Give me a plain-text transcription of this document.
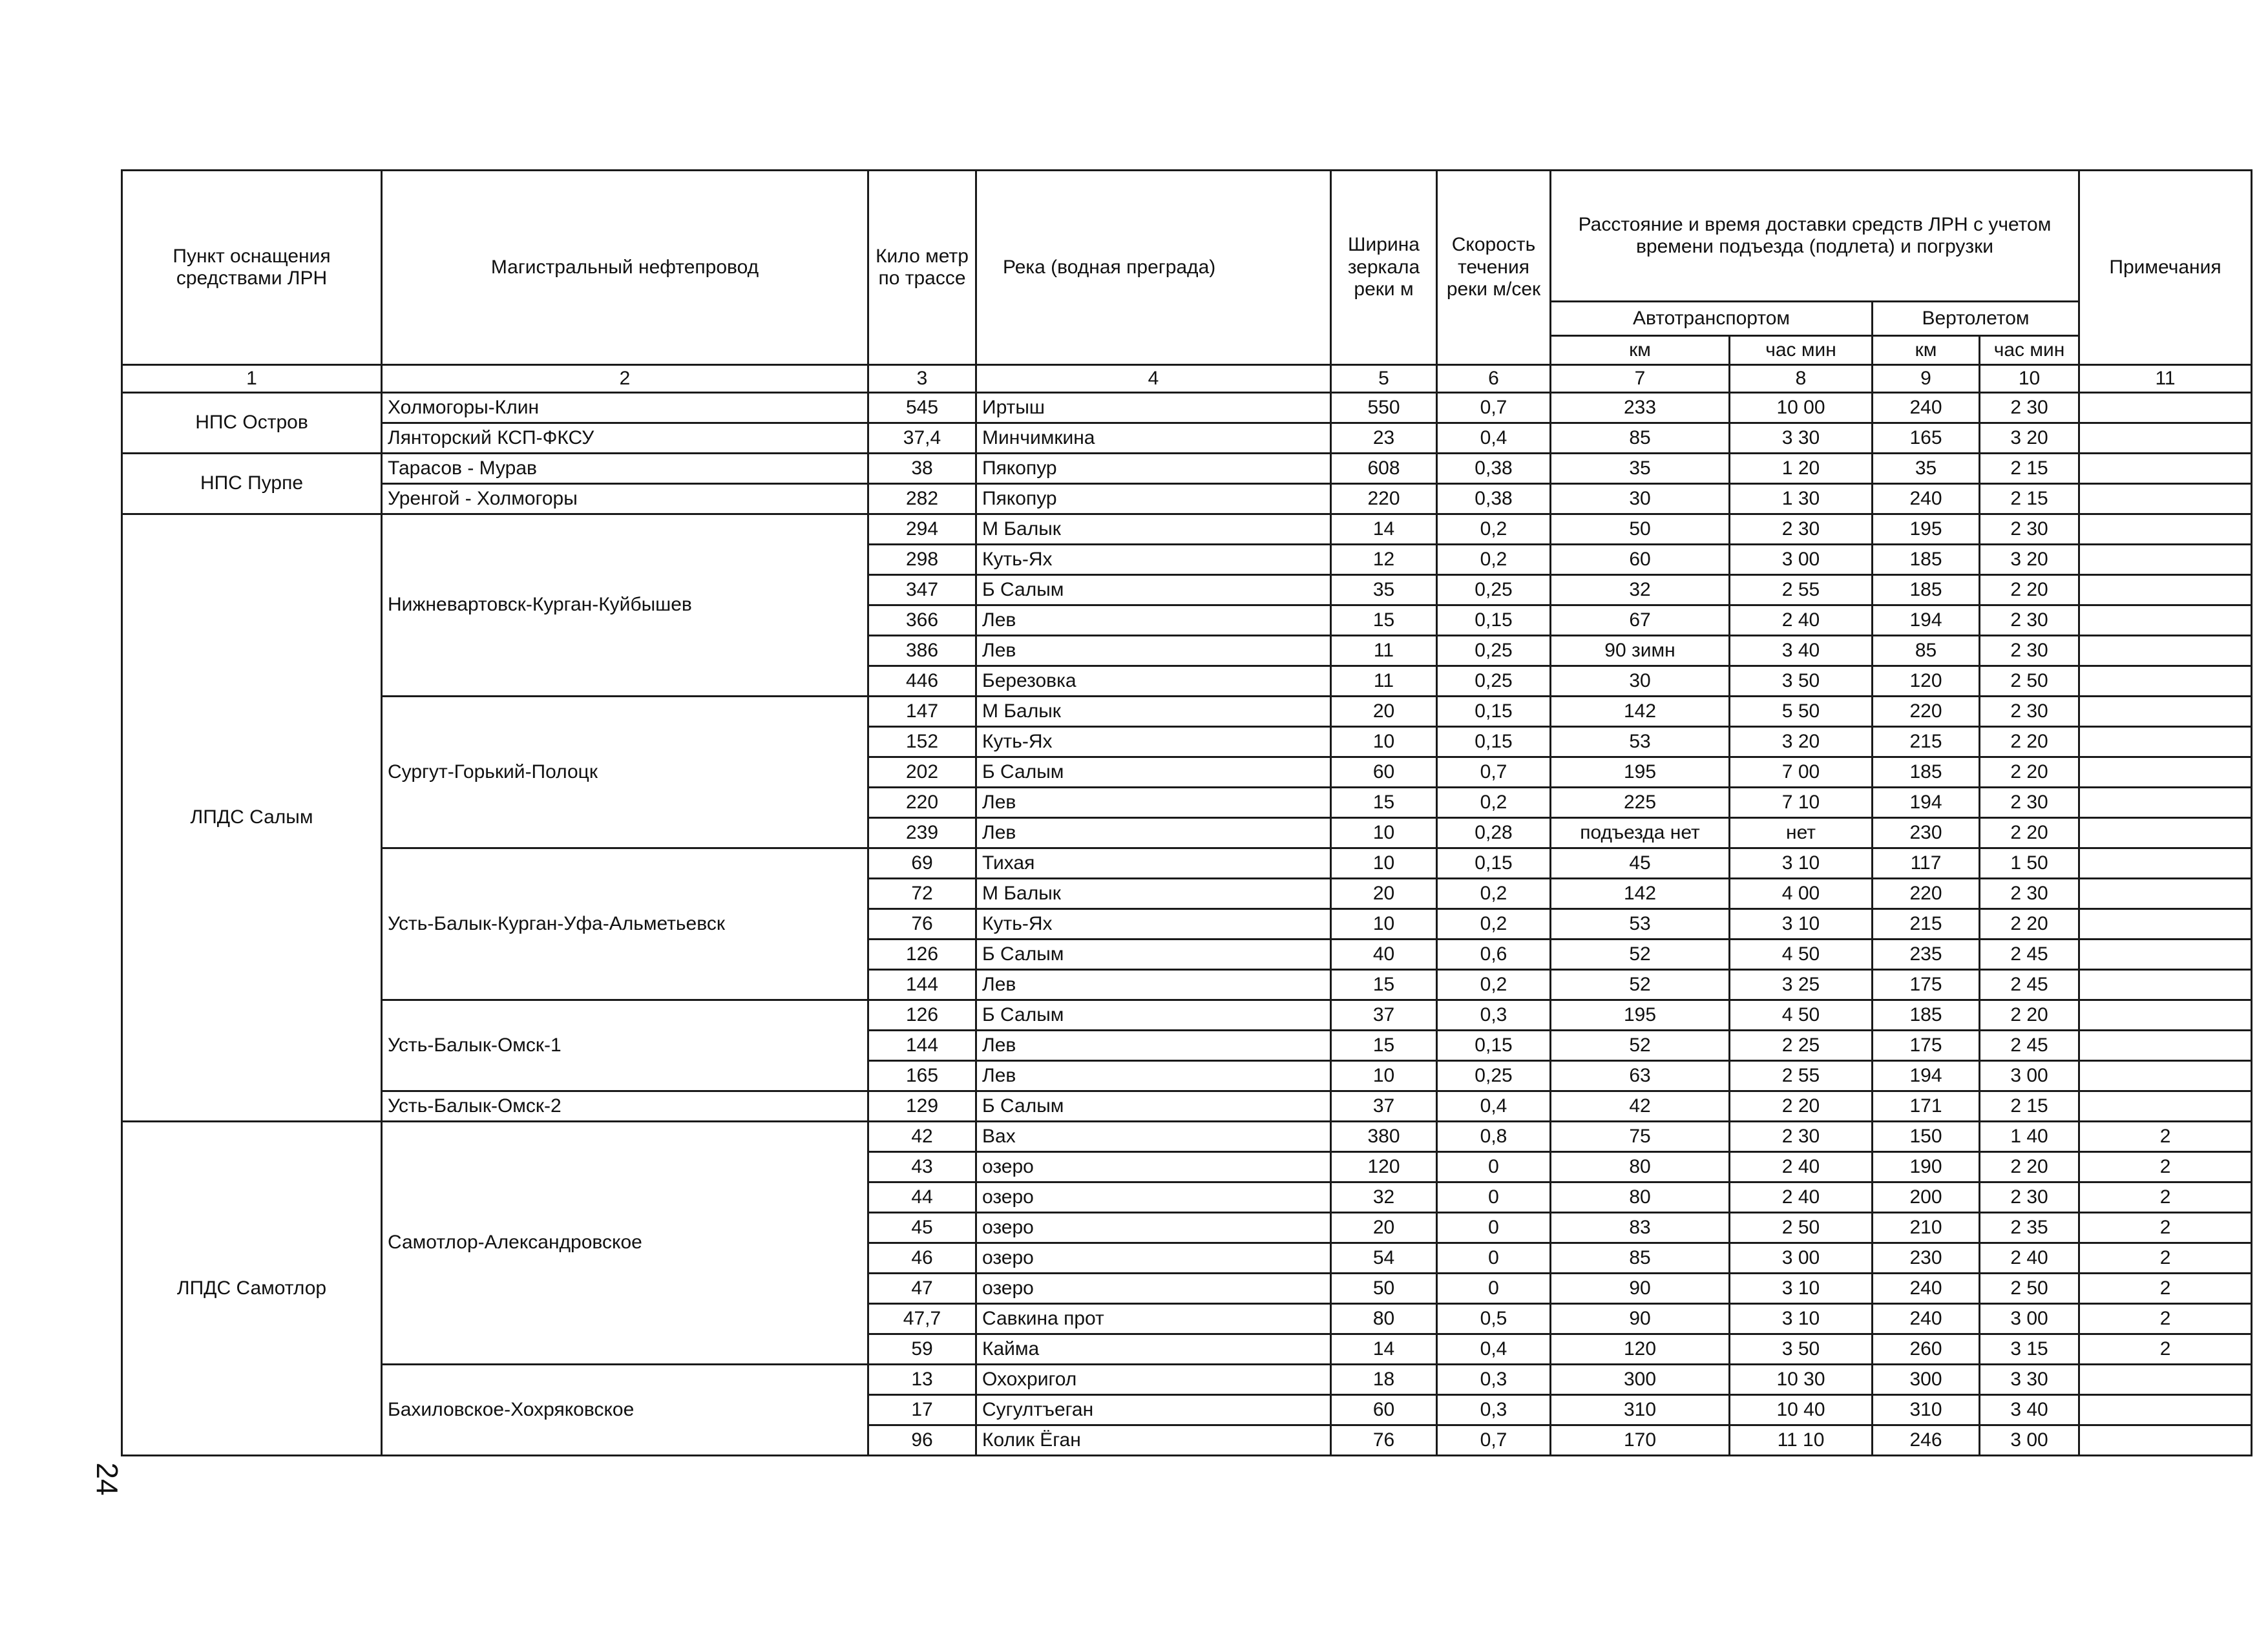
Пункт оснащения средствами ЛРН	Магистральный нефтепровод	Кило метр по трассе	Река (водная преграда)	Ширина зеркала реки м	Скорость течения реки м/сек	Расстояние и время доставки средств ЛРН с учетом времени подъезда (подлета) и погрузки				Примечания
						Автотранспортом		Вертолетом		
						км	час мин	км	час мин	
1	2	3	4	5	6	7	8	9	10	11
НПС Остров	Холмогоры-Клин	545	Иртыш	550	0,7	233	10 00	240	2 30	
	Лянторский КСП-ФКСУ	37,4	Минчимкина	23	0,4	85	3 30	165	3 20	
НПС Пурпе	Тарасов - Мурав	38	Пякопур	608	0,38	35	1 20	35	2 15	
	Уренгой - Холмогоры	282	Пякопур	220	0,38	30	1 30	240	2 15	
ЛПДС Салым	Нижневартовск-Курган-Куйбышев	294	М Балык	14	0,2	50	2 30	195	2 30	
		298	Куть-Ях	12	0,2	60	3 00	185	3 20	
		347	Б Салым	35	0,25	32	2 55	185	2 20	
		366	Лев	15	0,15	67	2 40	194	2 30	
		386	Лев	11	0,25	90 зимн	3 40	85	2 30	
		446	Березовка	11	0,25	30	3 50	120	2 50	
	Сургут-Горький-Полоцк	147	М Балык	20	0,15	142	5 50	220	2 30	
		152	Куть-Ях	10	0,15	53	3 20	215	2 20	
		202	Б Салым	60	0,7	195	7 00	185	2 20	
		220	Лев	15	0,2	225	7 10	194	2 30	
		239	Лев	10	0,28	подъезда нет	нет	230	2 20	
	Усть-Балык-Курган-Уфа-Альметьевск	69	Тихая	10	0,15	45	3 10	117	1 50	
		72	М Балык	20	0,2	142	4 00	220	2 30	
		76	Куть-Ях	10	0,2	53	3 10	215	2 20	
		126	Б Салым	40	0,6	52	4 50	235	2 45	
		144	Лев	15	0,2	52	3 25	175	2 45	
	Усть-Балык-Омск-1	126	Б Салым	37	0,3	195	4 50	185	2 20	
		144	Лев	15	0,15	52	2 25	175	2 45	
		165	Лев	10	0,25	63	2 55	194	3 00	
	Усть-Балык-Омск-2	129	Б Салым	37	0,4	42	2 20	171	2 15	
ЛПДС Самотлор	Самотлор-Александровское	42	Вах	380	0,8	75	2 30	150	1 40	2
		43	озеро	120	0	80	2 40	190	2 20	2
		44	озеро	32	0	80	2 40	200	2 30	2
		45	озеро	20	0	83	2 50	210	2 35	2
		46	озеро	54	0	85	3 00	230	2 40	2
		47	озеро	50	0	90	3 10	240	2 50	2
		47,7	Савкина прот	80	0,5	90	3 10	240	3 00	2
		59	Кайма	14	0,4	120	3 50	260	3 15	2
	Бахиловское-Хохряковское	13	Охохригол	18	0,3	300	10 30	300	3 30	
		17	Сугултъеган	60	0,3	310	10 40	310	3 40	
		96	Колик Ёган	76	0,7	170	11 10	246	3 00	
24
